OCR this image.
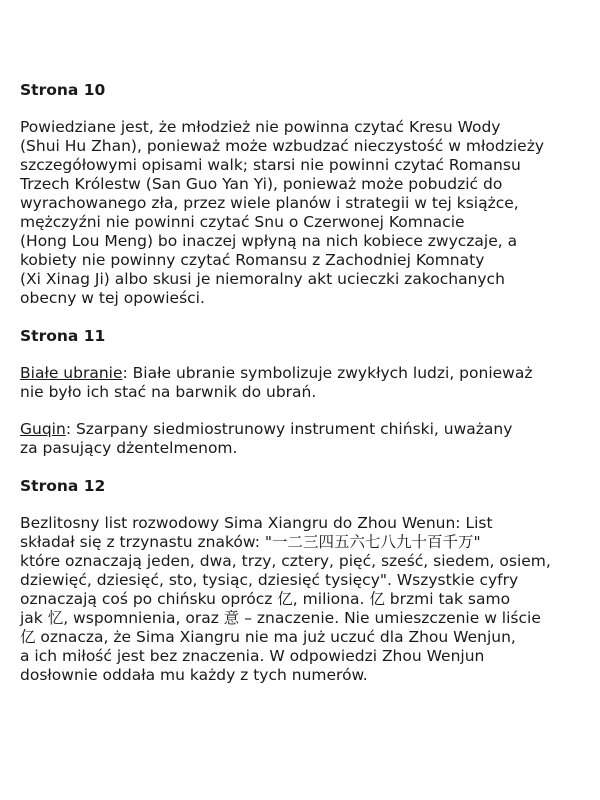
Strona 10
Powiedziane jest, że młodzież nie powinna czytać Kresu Wody
(Shui Hu Zhan), ponieważ może wzbudzać nieczystość w młodzieży
szczegółowymi opisami walk; starsi nie powinni czytać Romansu
Trzech Królestw (San Guo Yan Yi), ponieważ może pobudzić do
wyrachowanego zła, przez wiele planów i strategii w tej książce,
mężczyźni nie powinni czytać Snu o Czerwonej Komnacie
(Hong Lou Meng) bo inaczej wpłyną na nich kobiece zwyczaje, a
kobiety nie powinny czytać Romansu z Zachodniej Komnaty
(Xi Xinag Ji) albo skusi je niemoralny akt ucieczki zakochanych
obecny w tej opowieści.
Strona 11
Białe ubranie: Białe ubranie symbolizuje zwykłych ludzi, ponieważ
nie było ich stać na barwnik do ubrań.
Guqin: Szarpany siedmiostrunowy instrument chiński, uważany
za pasujący dżentelmenom.
Strona 12
Bezlitosny list rozwodowy Sima Xiangru do Zhou Wenun: List
składał się z trzynastu znaków: "一二三四五六七八九十百千万"
które oznaczają jeden, dwa, trzy, cztery, pięć, sześć, siedem, osiem,
dziewięć, dziesięć, sto, tysiąc, dziesięć tysięcy". Wszystkie cyfry
oznaczają coś po chińsku oprócz 亿, miliona. 亿 brzmi tak samo
jak 忆, wspomnienia, oraz 意 – znaczenie. Nie umieszczenie w liście
亿 oznacza, że Sima Xiangru nie ma już uczuć dla Zhou Wenjun,
a ich miłość jest bez znaczenia. W odpowiedzi Zhou Wenjun
dosłownie oddała mu każdy z tych numerów.
